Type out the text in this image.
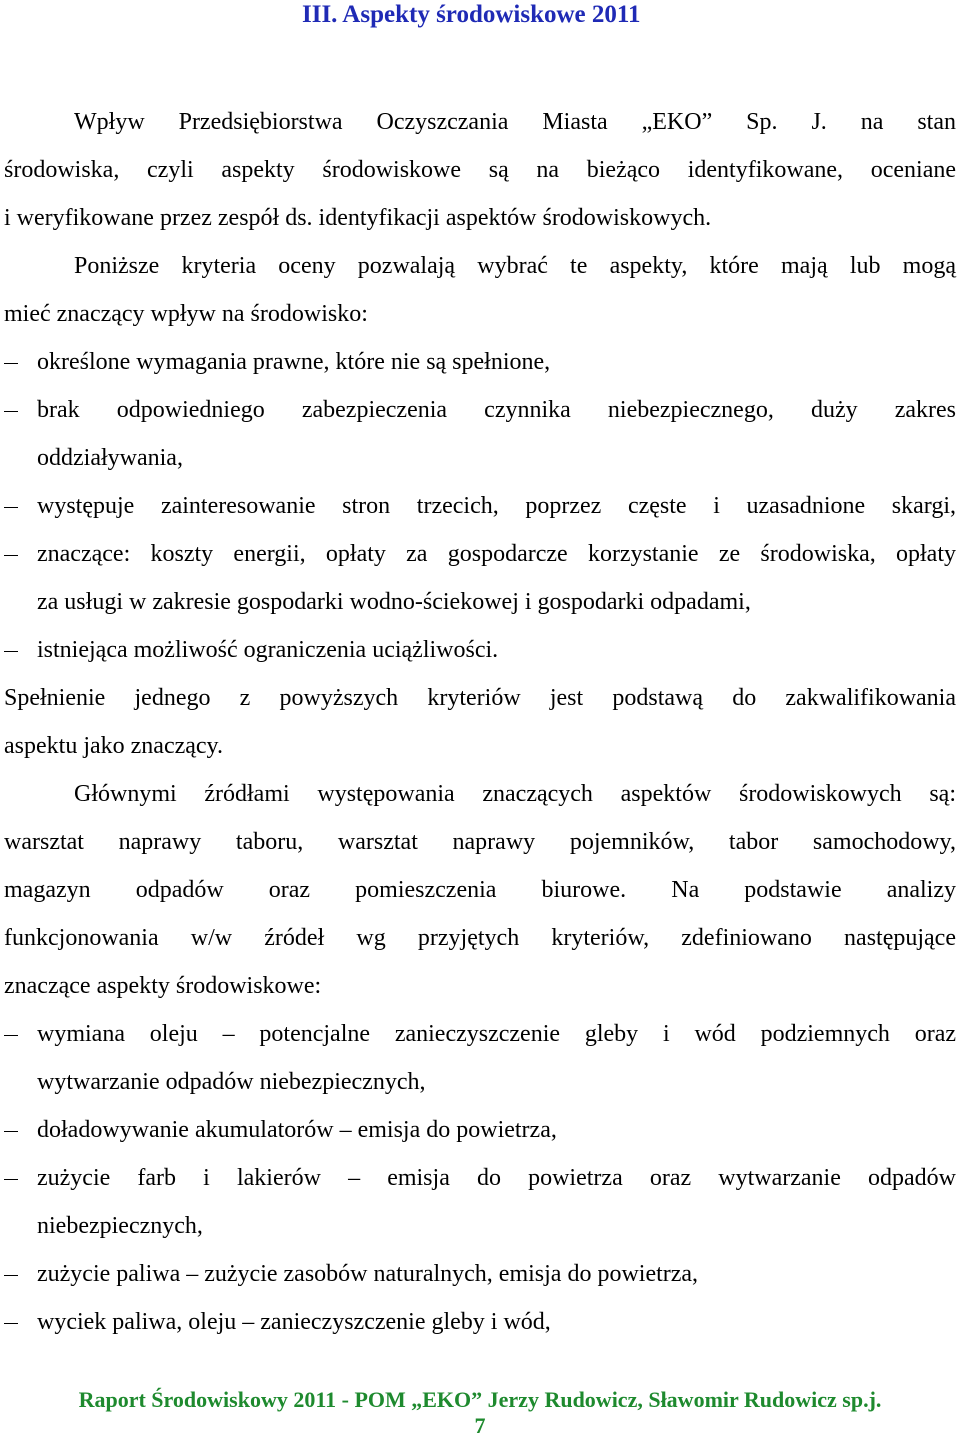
III. Aspekty środowiskowe 2011
Wpływ Przedsiębiorstwa Oczyszczania Miasta „EKO” Sp. J. na stan
środowiska, czyli aspekty środowiskowe są na bieżąco identyfikowane, oceniane
i weryfikowane przez zespół ds. identyfikacji aspektów środowiskowych.
Poniższe kryteria oceny pozwalają wybrać te aspekty, które mają lub mogą
mieć znaczący wpływ na środowisko:
określone wymagania prawne, które nie są spełnione,
brak odpowiedniego zabezpieczenia czynnika niebezpiecznego, duży zakres
oddziaływania,
występuje zainteresowanie stron trzecich, poprzez częste i uzasadnione skargi,
znaczące: koszty energii, opłaty za gospodarcze korzystanie ze środowiska, opłaty
za usługi w zakresie gospodarki wodno-ściekowej i gospodarki odpadami,
istniejąca możliwość ograniczenia uciążliwości.
Spełnienie jednego z powyższych kryteriów jest podstawą do zakwalifikowania
aspektu jako znaczący.
Głównymi źródłami występowania znaczących aspektów środowiskowych są:
warsztat naprawy taboru, warsztat naprawy pojemników, tabor samochodowy,
magazyn odpadów oraz pomieszczenia biurowe. Na podstawie analizy
funkcjonowania w/w źródeł wg przyjętych kryteriów, zdefiniowano następujące
znaczące aspekty środowiskowe:
wymiana oleju – potencjalne zanieczyszczenie gleby i wód podziemnych oraz
wytwarzanie odpadów niebezpiecznych,
doładowywanie akumulatorów – emisja do powietrza,
zużycie farb i lakierów – emisja do powietrza oraz wytwarzanie odpadów
niebezpiecznych,
zużycie paliwa – zużycie zasobów naturalnych, emisja do powietrza,
wyciek paliwa, oleju – zanieczyszczenie gleby i wód,
Raport Środowiskowy 2011 - POM „EKO” Jerzy Rudowicz, Sławomir Rudowicz sp.j.
7
